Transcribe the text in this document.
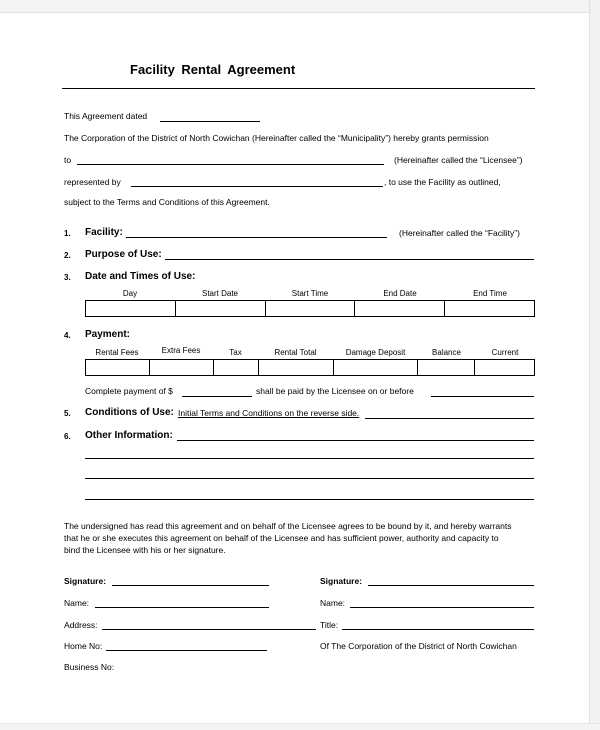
Facility Rental Agreement
This Agreement dated
The Corporation of the District of North Cowichan (Hereinafter called the “Municipality”) hereby grants permission
to	(Hereinafter called the “Licensee”)
represented by	, to use the Facility as outlined,
subject to the Terms and Conditions of this Agreement.
1. Facility:	(Hereinafter called the “Facility”)
2. Purpose of Use:
3. Date and Times of Use:
Day	Start Date	Start Time	End Date	End Time

4. Payment:
Rental Fees	Extra Fees	Tax	Rental Total	Damage Deposit	Balance	Current

Complete payment of $	shall be paid by the Licensee on or before
5. Conditions of Use: Initial Terms and Conditions on the reverse side.
6. Other Information:
The undersigned has read this agreement and on behalf of the Licensee agrees to be bound by it, and hereby warrants
that he or she executes this agreement on behalf of the Licensee and has sufficient power, authority and capacity to
bind the Licensee with his or her signature.
Signature:
Name:
Address:
Home No:
Business No:
Signature:
Name:
Title:
Of The Corporation of the District of North Cowichan
